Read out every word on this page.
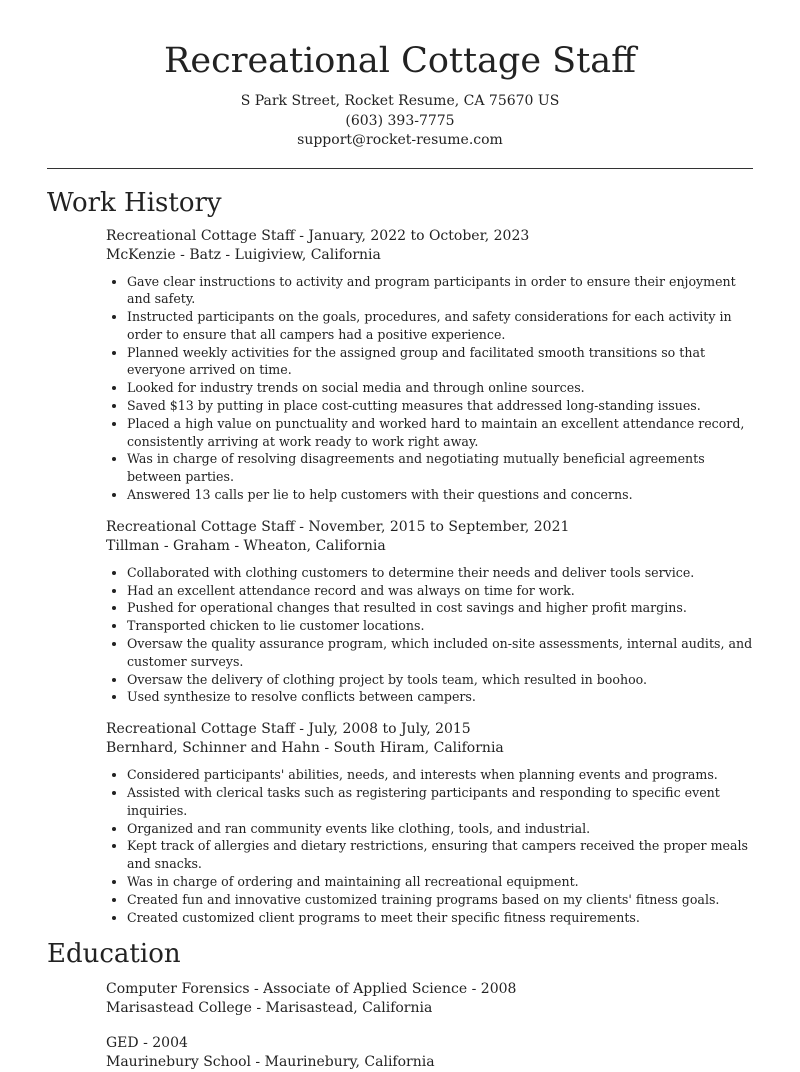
Recreational Cottage Staff
S Park Street, Rocket Resume, CA 75670 US
(603) 393-7775
support@rocket-resume.com
Work History
Recreational Cottage Staff - January, 2022 to October, 2023
McKenzie - Batz - Luigiview, California
• Gave clear instructions to activity and program participants in order to ensure their enjoyment and safety.
• Instructed participants on the goals, procedures, and safety considerations for each activity in order to ensure that all campers had a positive experience.
• Planned weekly activities for the assigned group and facilitated smooth transitions so that everyone arrived on time.
• Looked for industry trends on social media and through online sources.
• Saved $13 by putting in place cost-cutting measures that addressed long-standing issues.
• Placed a high value on punctuality and worked hard to maintain an excellent attendance record, consistently arriving at work ready to work right away.
• Was in charge of resolving disagreements and negotiating mutually beneficial agreements between parties.
• Answered 13 calls per lie to help customers with their questions and concerns.
Recreational Cottage Staff - November, 2015 to September, 2021
Tillman - Graham - Wheaton, California
• Collaborated with clothing customers to determine their needs and deliver tools service.
• Had an excellent attendance record and was always on time for work.
• Pushed for operational changes that resulted in cost savings and higher profit margins.
• Transported chicken to lie customer locations.
• Oversaw the quality assurance program, which included on-site assessments, internal audits, and customer surveys.
• Oversaw the delivery of clothing project by tools team, which resulted in boohoo.
• Used synthesize to resolve conflicts between campers.
Recreational Cottage Staff - July, 2008 to July, 2015
Bernhard, Schinner and Hahn - South Hiram, California
• Considered participants' abilities, needs, and interests when planning events and programs.
• Assisted with clerical tasks such as registering participants and responding to specific event inquiries.
• Organized and ran community events like clothing, tools, and industrial.
• Kept track of allergies and dietary restrictions, ensuring that campers received the proper meals and snacks.
• Was in charge of ordering and maintaining all recreational equipment.
• Created fun and innovative customized training programs based on my clients' fitness goals.
• Created customized client programs to meet their specific fitness requirements.
Education
Computer Forensics - Associate of Applied Science - 2008
Marisastead College - Marisastead, California
GED - 2004
Maurinebury School - Maurinebury, California
